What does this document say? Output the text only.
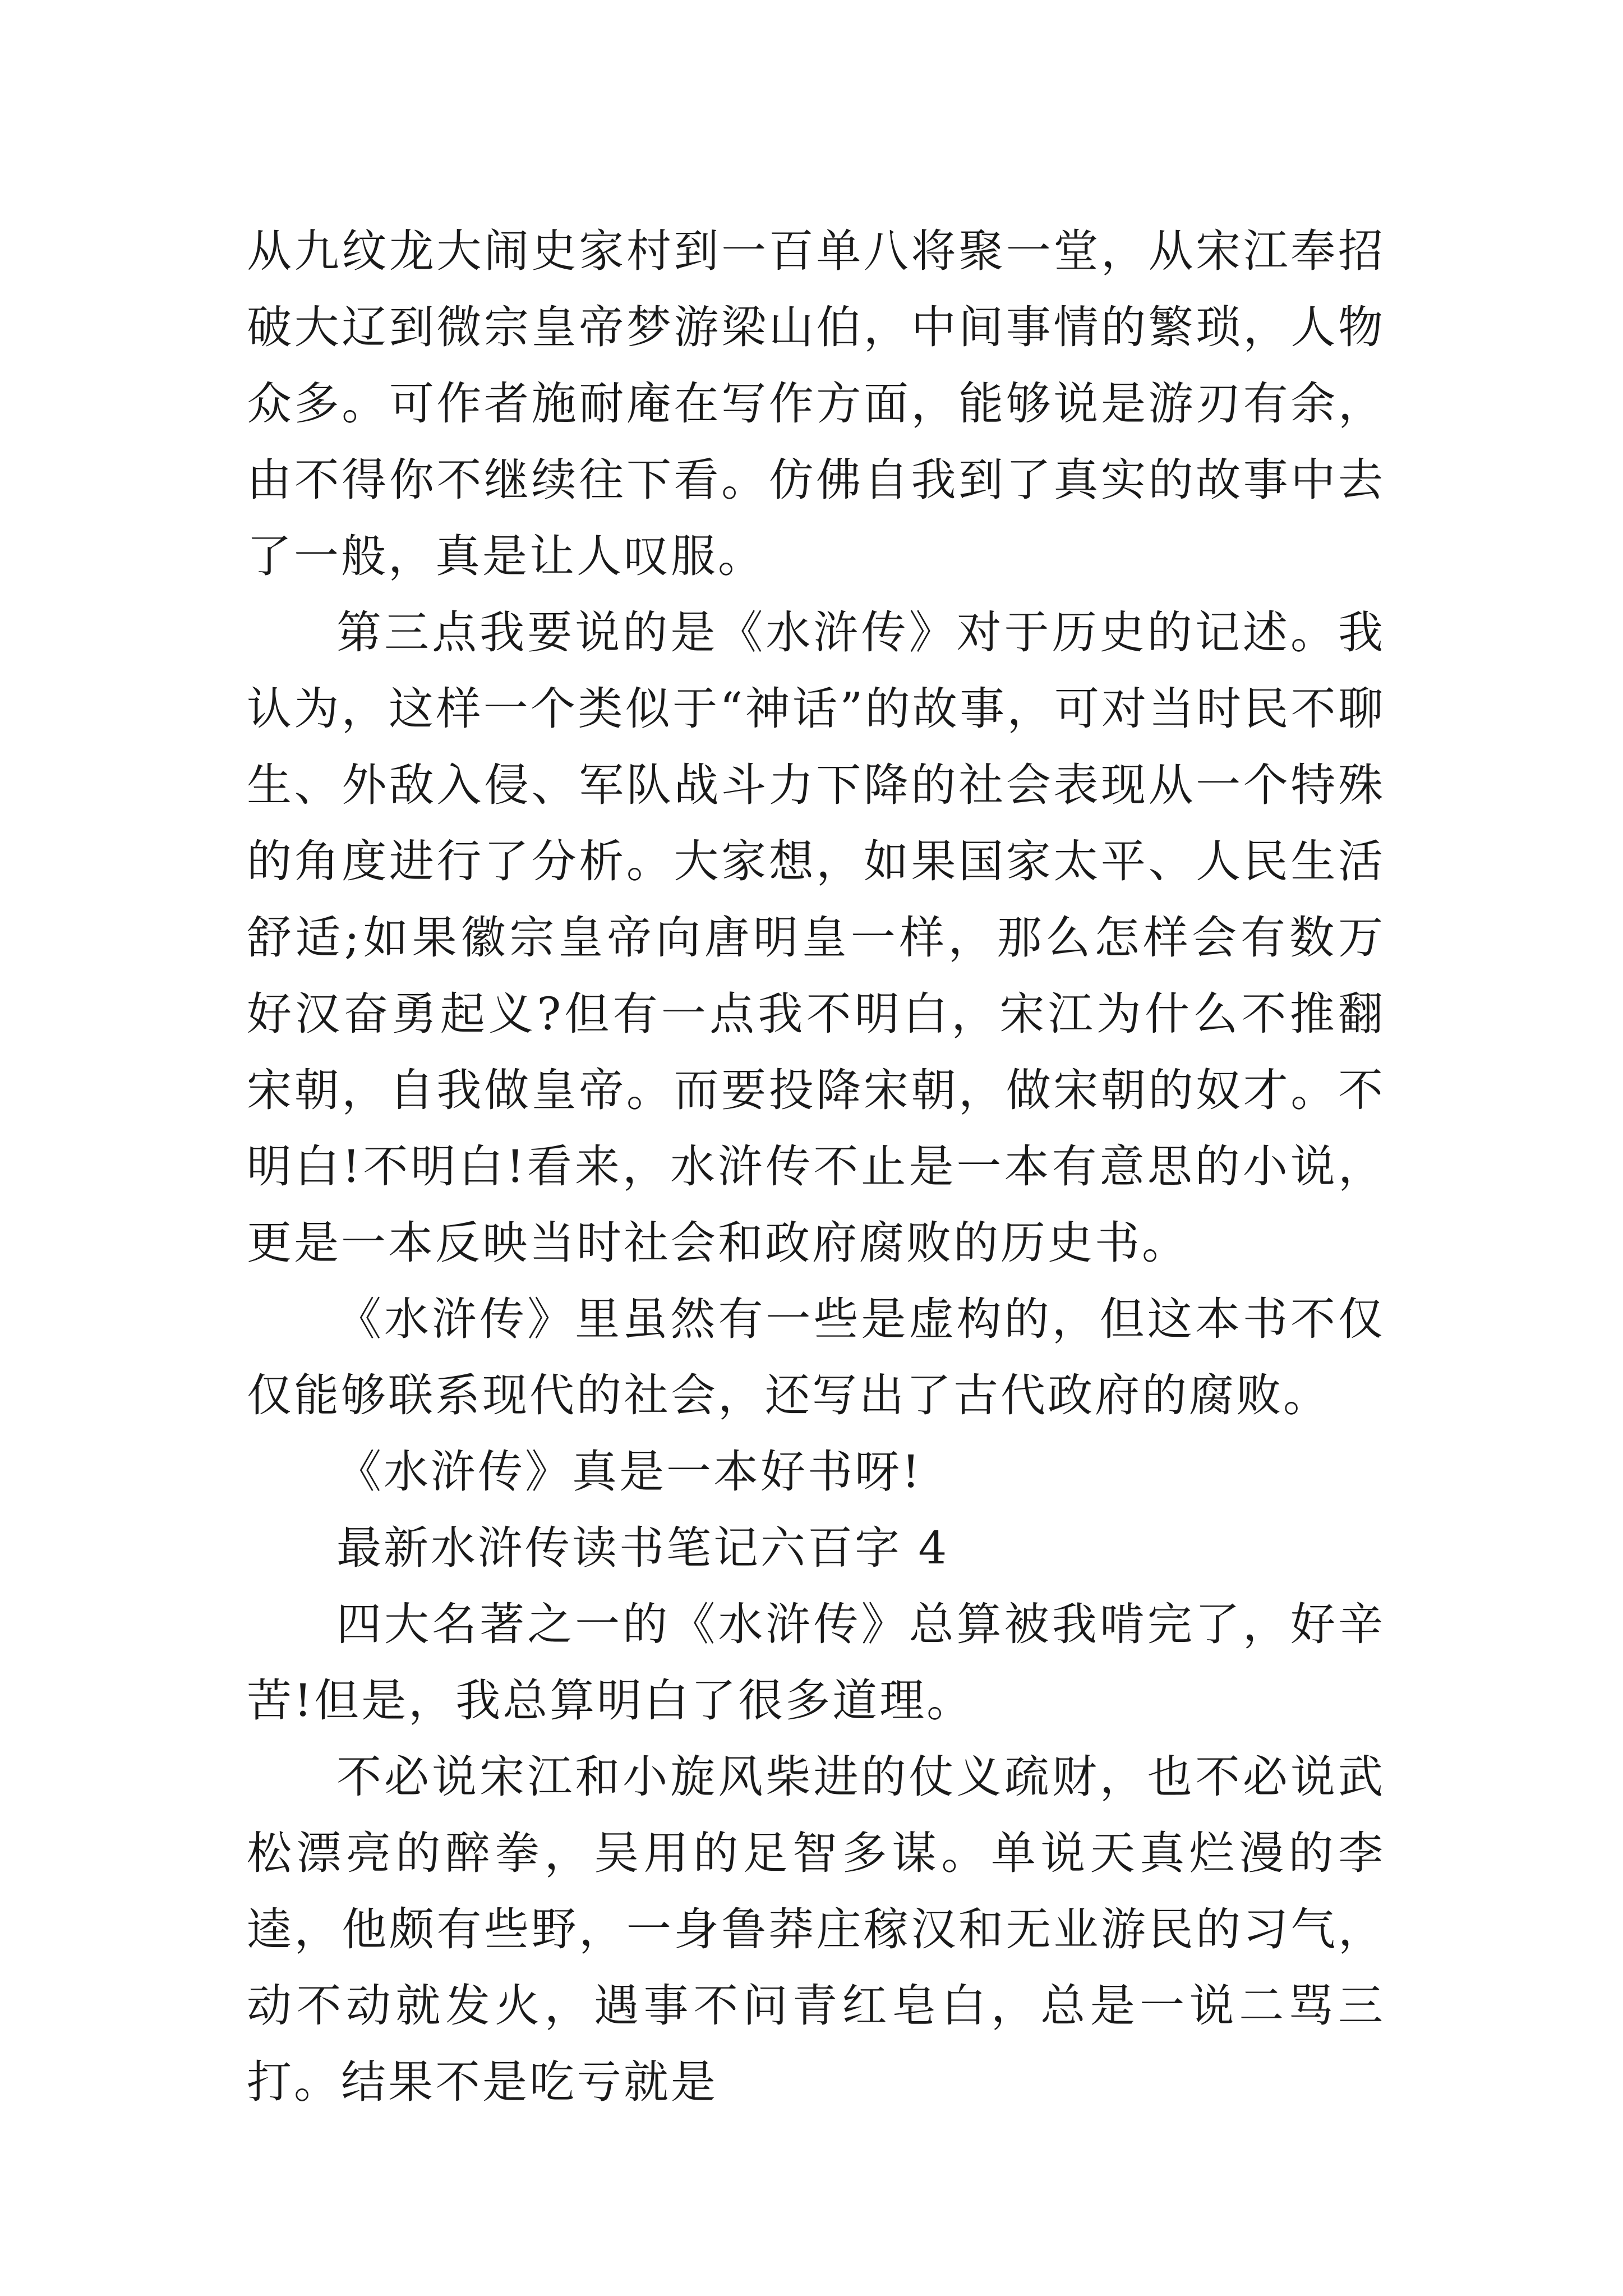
从九纹龙大闹史家村到一百单八将聚一堂，从宋江奉招破大辽到微宗皇帝梦游梁山伯，中间事情的繁琐，人物众多。可作者施耐庵在写作方面，能够说是游刃有余，由不得你不继续往下看。仿佛自我到了真实的故事中去了一般，真是让人叹服。

第三点我要说的是《水浒传》对于历史的记述。我认为，这样一个类似于“神话”的故事，可对当时民不聊生、外敌入侵、军队战斗力下降的社会表现从一个特殊的角度进行了分析。大家想，如果国家太平、人民生活舒适;如果徽宗皇帝向唐明皇一样，那么怎样会有数万好汉奋勇起义?但有一点我不明白，宋江为什么不推翻宋朝，自我做皇帝。而要投降宋朝，做宋朝的奴才。不明白!不明白!看来，水浒传不止是一本有意思的小说，更是一本反映当时社会和政府腐败的历史书。

《水浒传》里虽然有一些是虚构的，但这本书不仅仅能够联系现代的社会，还写出了古代政府的腐败。

《水浒传》真是一本好书呀!

最新水浒传读书笔记六百字 4

四大名著之一的《水浒传》总算被我啃完了，好辛苦!但是，我总算明白了很多道理。

不必说宋江和小旋风柴进的仗义疏财，也不必说武松漂亮的醉拳，吴用的足智多谋。单说天真烂漫的李逵，他颇有些野，一身鲁莽庄稼汉和无业游民的习气，动不动就发火，遇事不问青红皂白，总是一说二骂三打。结果不是吃亏就是
